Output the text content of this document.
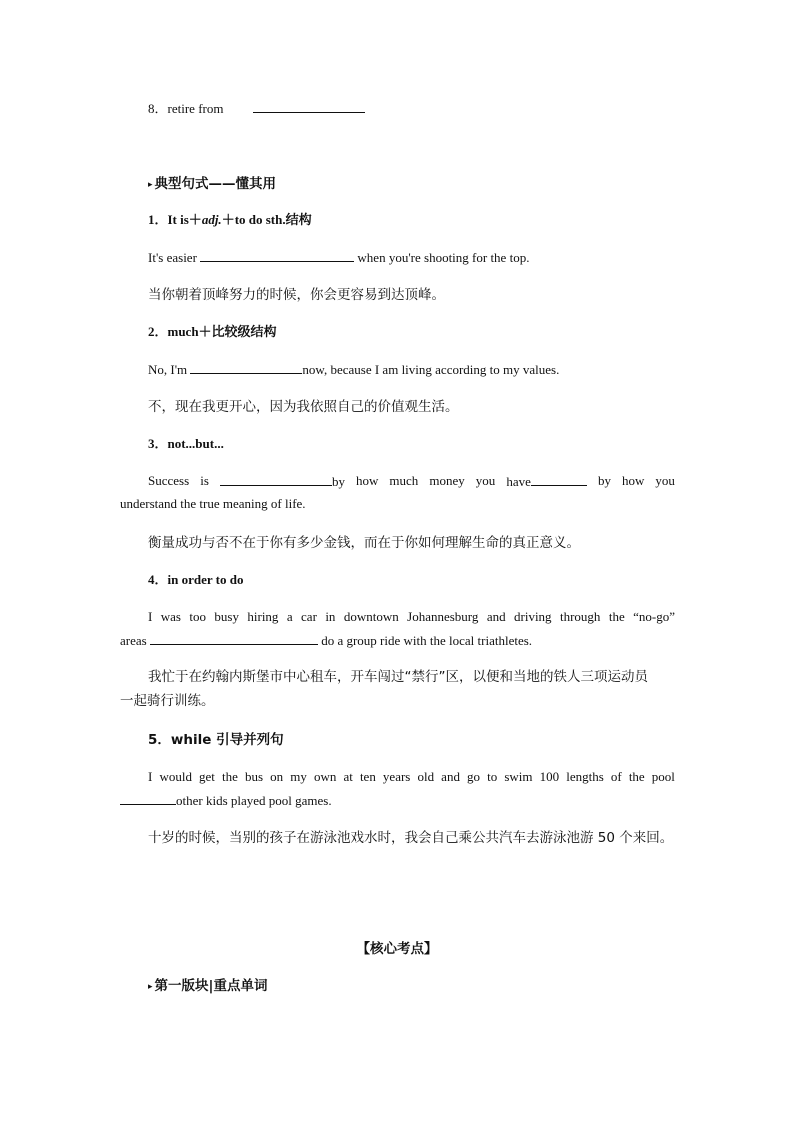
8．retire from
▸ 典型句式——懂其用
1．It is＋adj.＋to do sth.结构
It's easier	when you're shooting for the top.
当你朝着顶峰努力的时候，你会更容易到达顶峰。
2．much＋比较级结构
No, I'm	now, because I am living according to my values.
不，现在我更开心，因为我依照自己的价值观生活。
3．not...but...
Success is	by how much money you have	by how you
understand the true meaning of life.
衡量成功与否不在于你有多少金钱，而在于你如何理解生命的真正意义。
4．in order to do
I was too busy hiring a car in downtown Johannesburg and driving through the “no-go”
areas	do a group ride with the local triathletes.
我忙于在约翰内斯堡市中心租车，开车闯过“禁行”区，以便和当地的铁人三项运动员
一起骑行训练。
5．while 引导并列句
I would get the bus on my own at ten years old and go to swim 100 lengths of the pool
other kids played pool games.
十岁的时候，当别的孩子在游泳池戏水时，我会自己乘公共汽车去游泳池游 50 个来回。
【核心考点】
▸ 第一版块|重点单词
